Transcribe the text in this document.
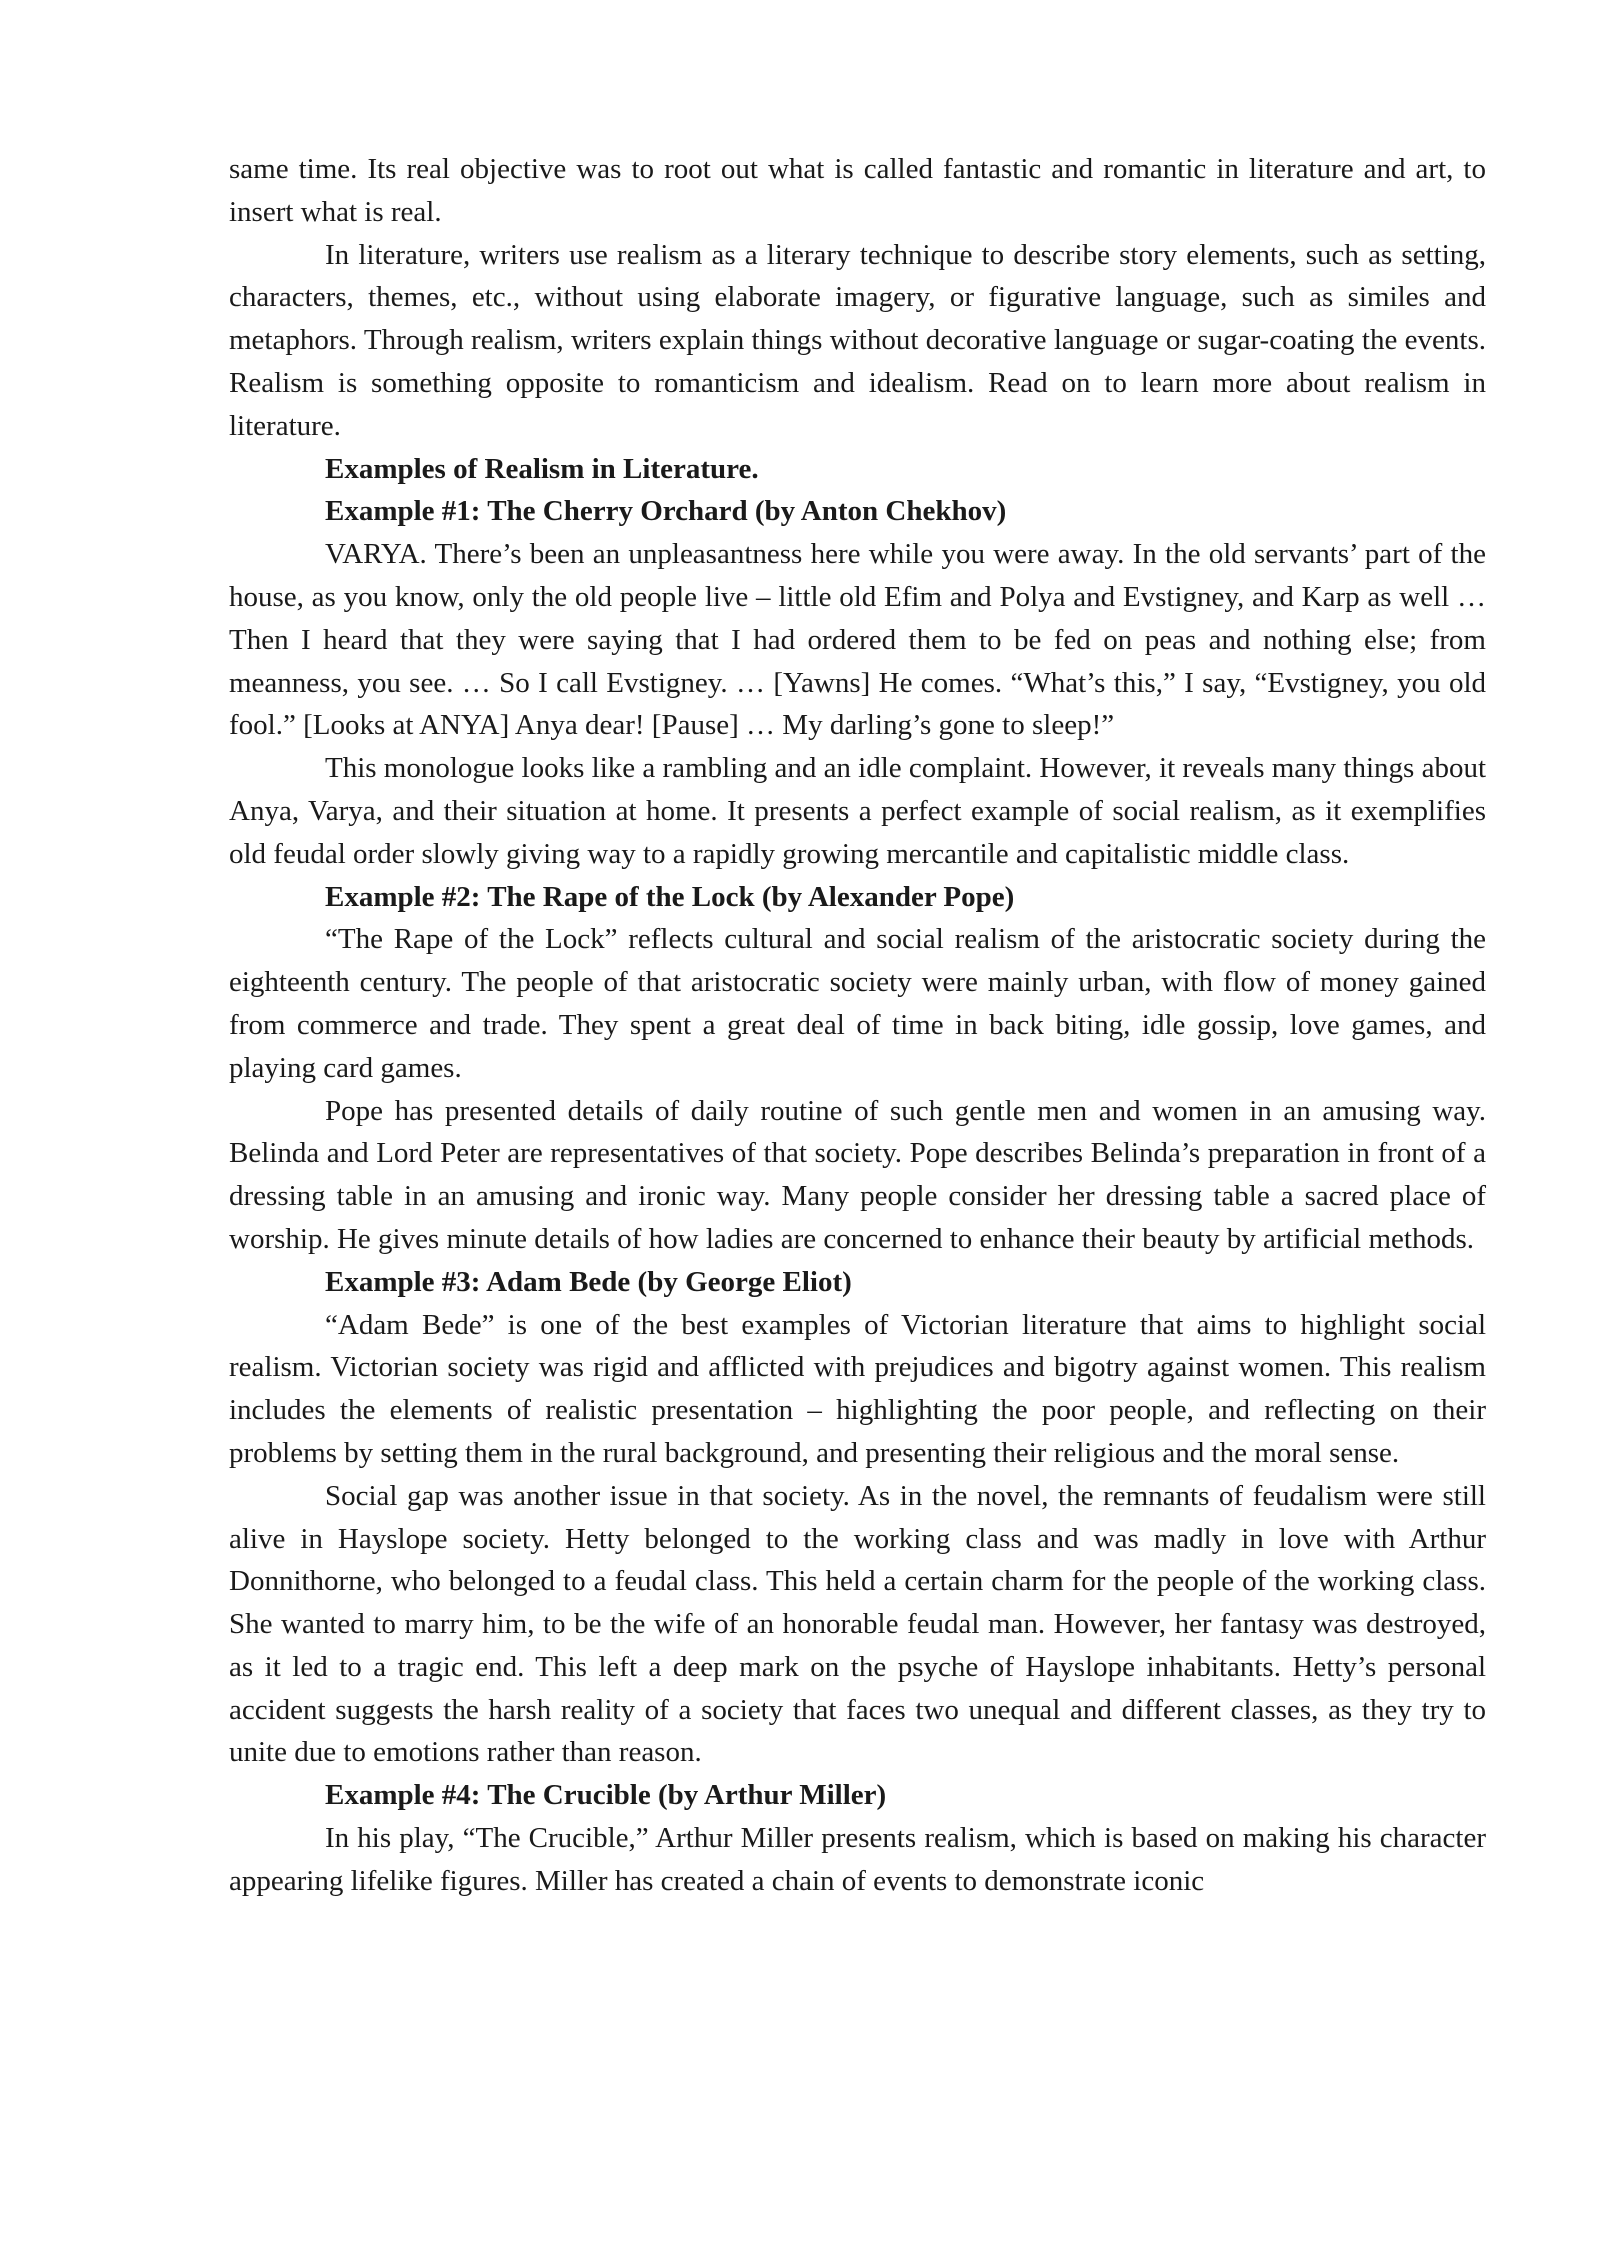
same time. Its real objective was to root out what is called fantastic and romantic in literature and art, to insert what is real.

In literature, writers use realism as a literary technique to describe story elements, such as setting, characters, themes, etc., without using elaborate imagery, or figurative language, such as similes and metaphors. Through realism, writers explain things without decorative language or sugar-coating the events. Realism is something opposite to romanticism and idealism. Read on to learn more about realism in literature.

Examples of Realism in Literature.

Example #1: The Cherry Orchard (by Anton Chekhov)

VARYA. There’s been an unpleasantness here while you were away. In the old servants’ part of the house, as you know, only the old people live – little old Efim and Polya and Evstigney, and Karp as well … Then I heard that they were saying that I had ordered them to be fed on peas and nothing else; from meanness, you see. … So I call Evstigney. … [Yawns] He comes. “What’s this,” I say, “Evstigney, you old fool.” [Looks at ANYA] Anya dear! [Pause] … My darling’s gone to sleep!”

This monologue looks like a rambling and an idle complaint. However, it reveals many things about Anya, Varya, and their situation at home. It presents a perfect example of social realism, as it exemplifies old feudal order slowly giving way to a rapidly growing mercantile and capitalistic middle class.

Example #2: The Rape of the Lock (by Alexander Pope)

“The Rape of the Lock” reflects cultural and social realism of the aristocratic society during the eighteenth century. The people of that aristocratic society were mainly urban, with flow of money gained from commerce and trade. They spent a great deal of time in back biting, idle gossip, love games, and playing card games.

Pope has presented details of daily routine of such gentle men and women in an amusing way. Belinda and Lord Peter are representatives of that society. Pope describes Belinda’s preparation in front of a dressing table in an amusing and ironic way. Many people consider her dressing table a sacred place of worship. He gives minute details of how ladies are concerned to enhance their beauty by artificial methods.

Example #3: Adam Bede (by George Eliot)

“Adam Bede” is one of the best examples of Victorian literature that aims to highlight social realism. Victorian society was rigid and afflicted with prejudices and bigotry against women. This realism includes the elements of realistic presentation – highlighting the poor people, and reflecting on their problems by setting them in the rural background, and presenting their religious and the moral sense.

Social gap was another issue in that society. As in the novel, the remnants of feudalism were still alive in Hayslope society. Hetty belonged to the working class and was madly in love with Arthur Donnithorne, who belonged to a feudal class. This held a certain charm for the people of the working class. She wanted to marry him, to be the wife of an honorable feudal man. However, her fantasy was destroyed, as it led to a tragic end. This left a deep mark on the psyche of Hayslope inhabitants. Hetty’s personal accident suggests the harsh reality of a society that faces two unequal and different classes, as they try to unite due to emotions rather than reason.

Example #4: The Crucible (by Arthur Miller)

In his play, “The Crucible,” Arthur Miller presents realism, which is based on making his character appearing lifelike figures. Miller has created a chain of events to demonstrate iconic
